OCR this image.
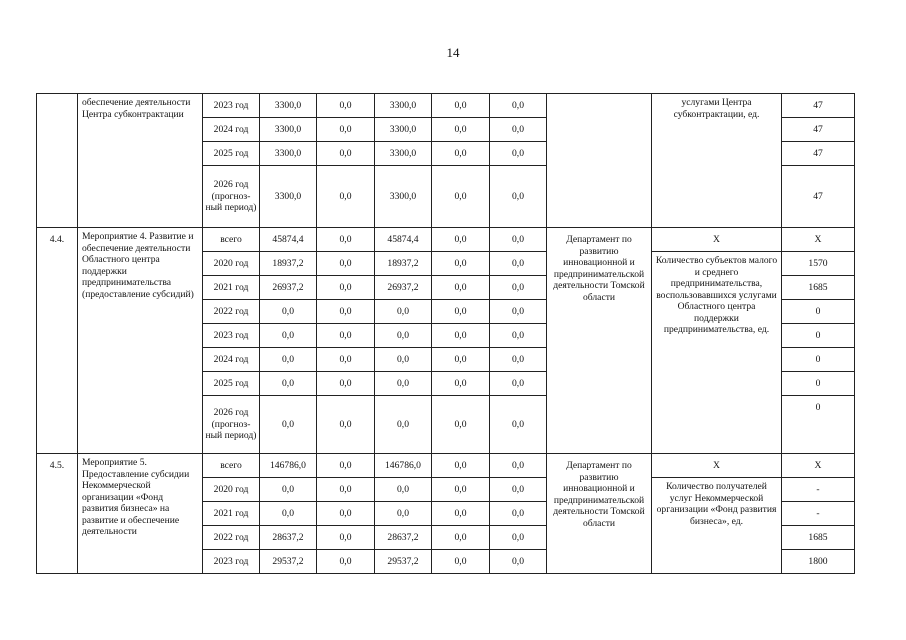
14
	обеспечение деятельности Центра субконтрактации	2023 год	3300,0	0,0	3300,0	0,0	0,0		услугами Центра субконтрактации, ед.	47
		2024 год	3300,0	0,0	3300,0	0,0	0,0			47
		2025 год	3300,0	0,0	3300,0	0,0	0,0			47
		2026 год (прогноз-ный период)	3300,0	0,0	3300,0	0,0	0,0			47
4.4.	Мероприятие 4. Развитие и обеспечение деятельности Областного центра поддержки предпринимательства (предоставление субсидий)	всего	45874,4	0,0	45874,4	0,0	0,0	Департамент по развитию инновационной и предпринимательской деятельности Томской области	Х	Х
		2020 год	18937,2	0,0	18937,2	0,0	0,0		Количество субъектов малого и среднего предпринимательства, воспользовавшихся услугами Областного центра поддержки предпринимательства, ед.	1570
		2021 год	26937,2	0,0	26937,2	0,0	0,0			1685
		2022 год	0,0	0,0	0,0	0,0	0,0			0
		2023 год	0,0	0,0	0,0	0,0	0,0			0
		2024 год	0,0	0,0	0,0	0,0	0,0			0
		2025 год	0,0	0,0	0,0	0,0	0,0			0
		2026 год (прогноз-ный период)	0,0	0,0	0,0	0,0	0,0			0
4.5.	Мероприятие 5. Предоставление субсидии Некоммерческой организации «Фонд развития бизнеса» на развитие и обеспечение деятельности	всего	146786,0	0,0	146786,0	0,0	0,0	Департамент по развитию инновационной и предпринимательской деятельности Томской области	Х	Х
		2020 год	0,0	0,0	0,0	0,0	0,0		Количество получателей услуг Некоммерческой организации «Фонд развития бизнеса», ед.	-
		2021 год	0,0	0,0	0,0	0,0	0,0			-
		2022 год	28637,2	0,0	28637,2	0,0	0,0			1685
		2023 год	29537,2	0,0	29537,2	0,0	0,0			1800
